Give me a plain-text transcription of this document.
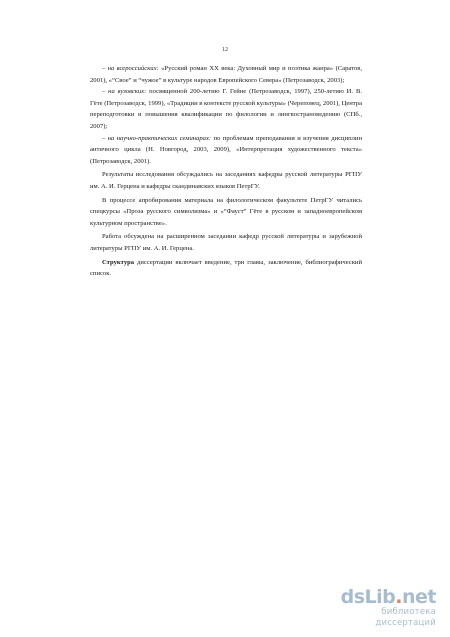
12

– на всероссийских: «Русский роман XX века: Духовный мир и поэтика жанра» (Саратов, 2001), «“Свое” и “чужое” в культуре народов Европейского Севера» (Петрозаводск, 2003);

– на вузовских: посвященной 200-летию Г. Гейне (Петрозаводск, 1997), 250-летию И. В. Гёте (Петрозаводск, 1999), «Традиции в контексте русской культуры» (Череповец, 2001), Центра переподготовки и повышения квалификации по филологии и лингвострановедению (СПб., 2007);

– на научно-практических семинарах: по проблемам преподавания и изучения дисциплин античного цикла (Н. Новгород, 2003, 2009), «Интерпретация художественного текста» (Петрозаводск, 2001).

Результаты исследования обсуждались на заседаниях кафедры русской литературы РГПУ им. А. И. Герцена и кафедры скандинавских языков ПетрГУ.

В процессе апробирования материала на филологическом факультете ПетрГУ читались спецкурсы «Проза русского символизма» и «“Фауст” Гёте в русском и западноевропейском культурном пространстве».

Работа обсуждена на расширенном заседании кафедр русской литературы и зарубежной литературы РГПУ им. А. И. Герцена.

Структура диссертации включает введение, три главы, заключение, библиографический список.

dsLib.net
библиотека диссертаций
